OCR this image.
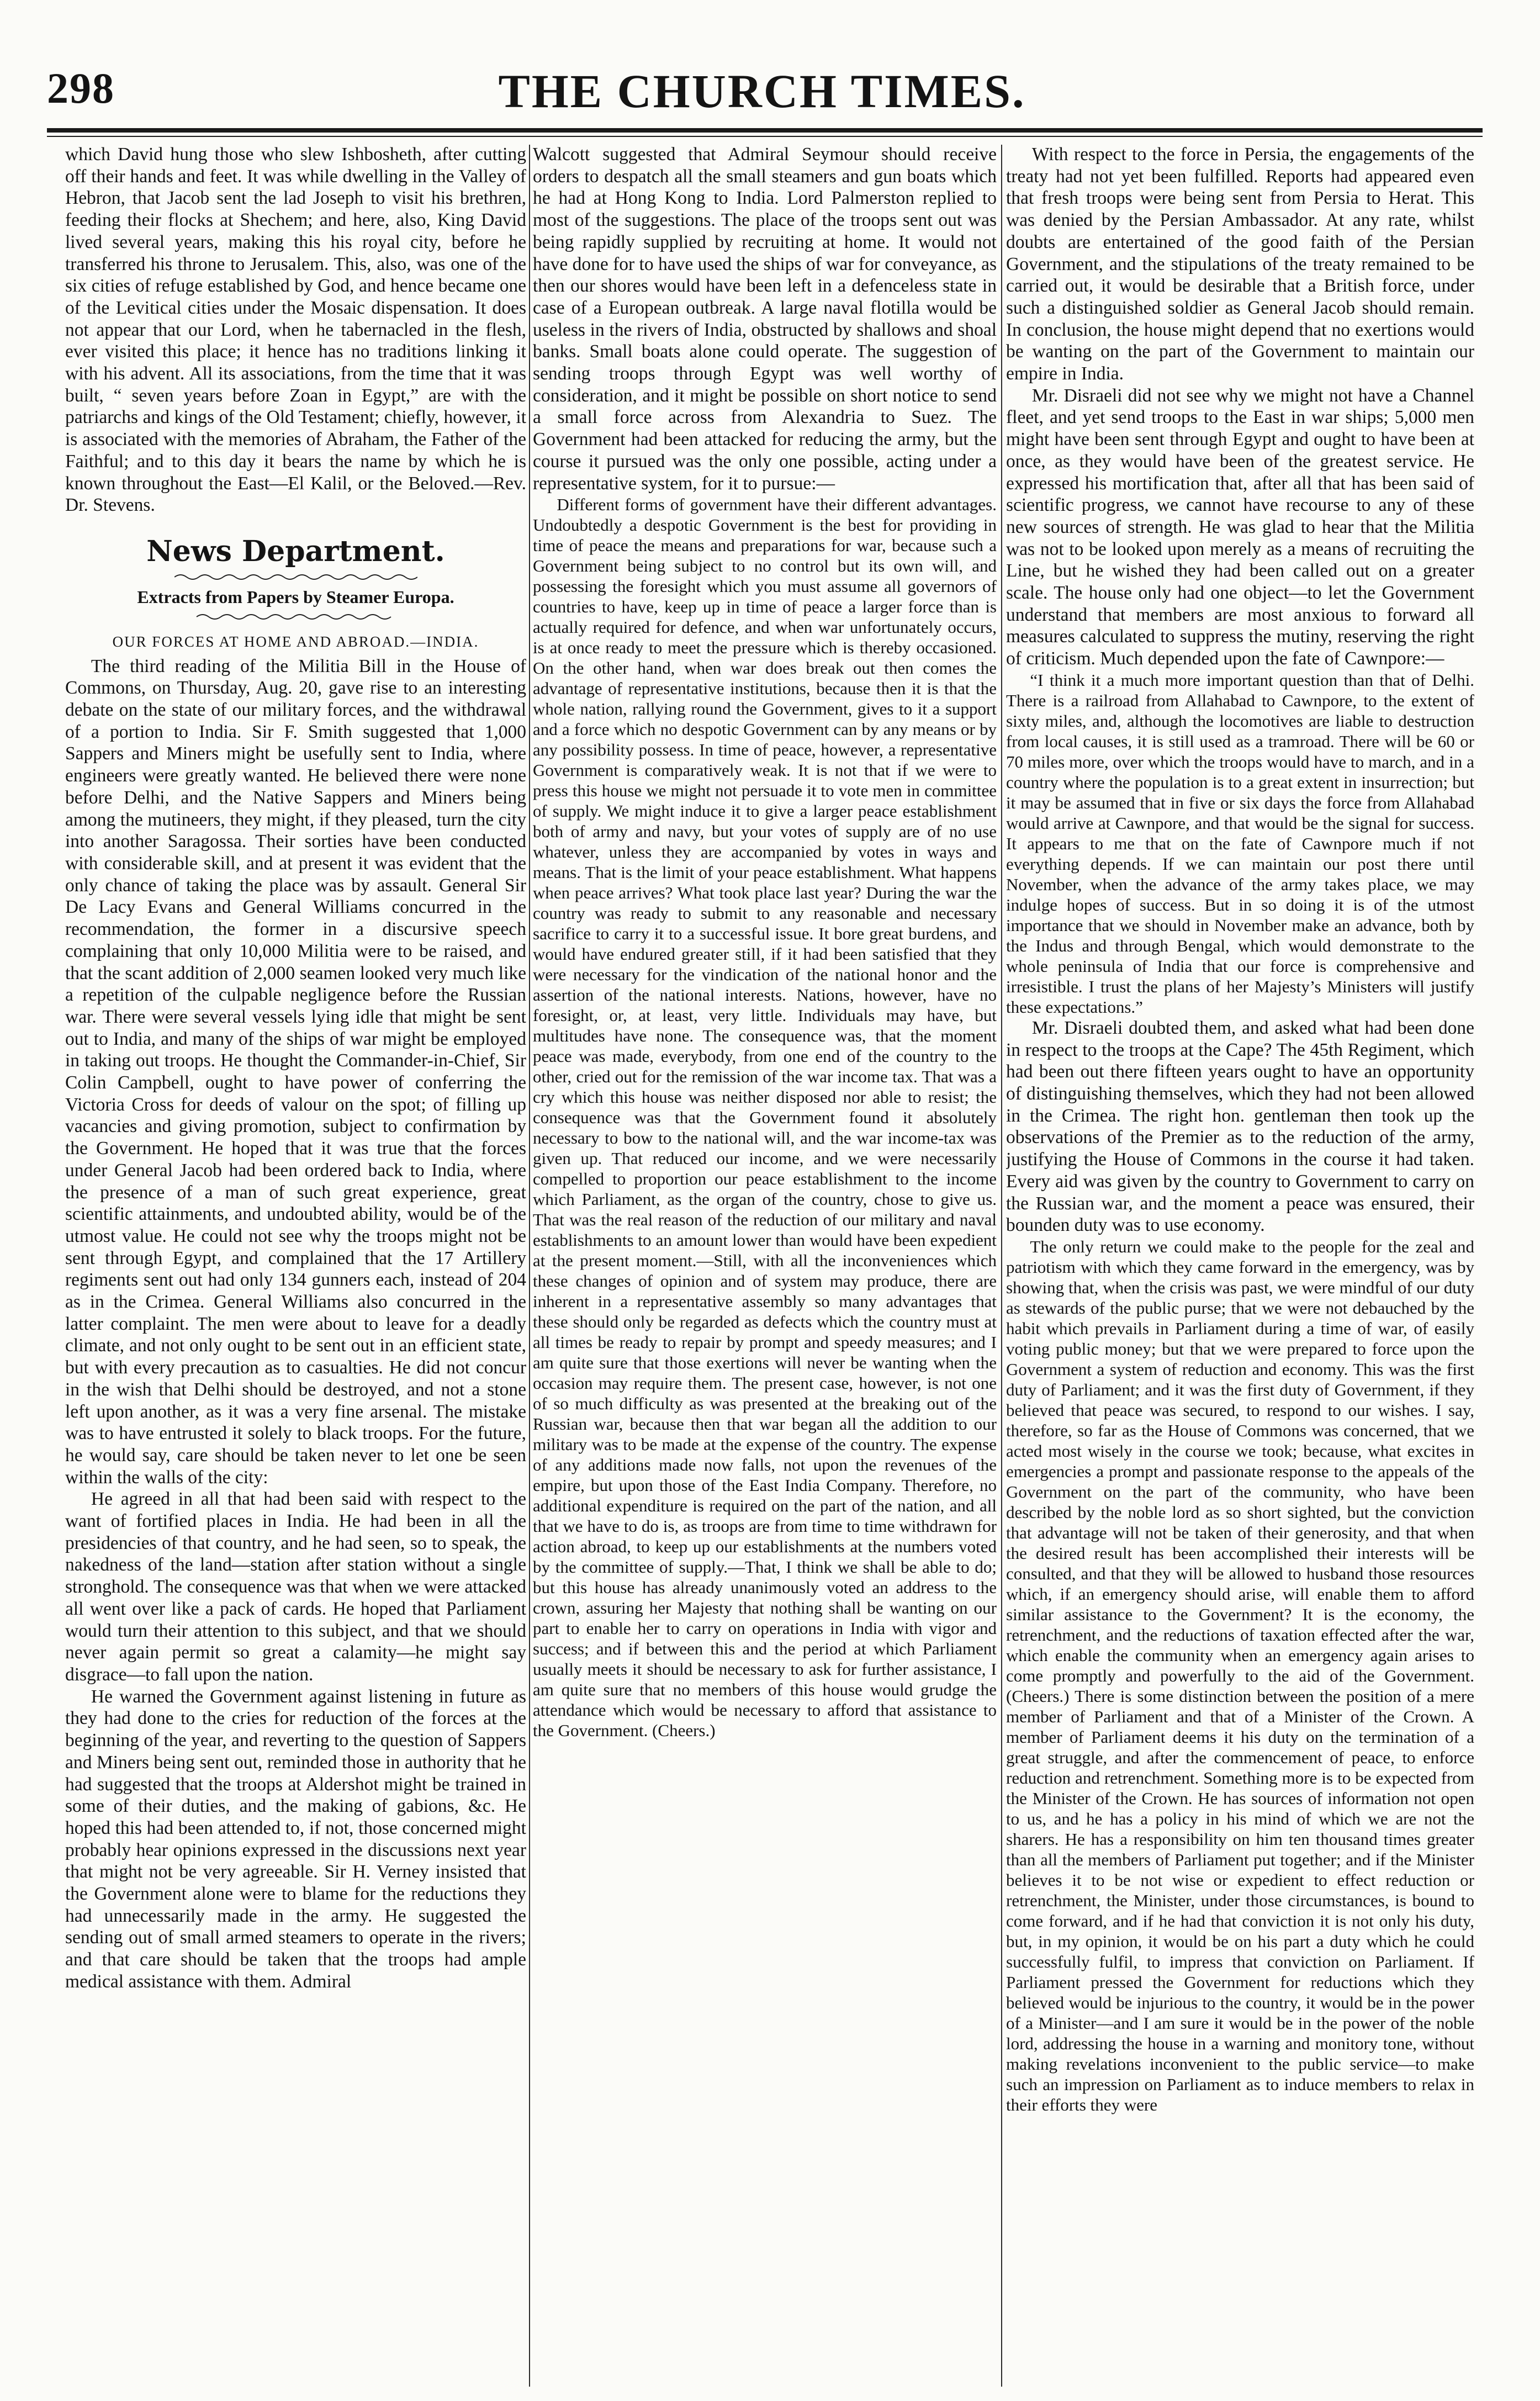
298	THE CHURCH TIMES.

which David hung those who slew Ishbosheth, after cutting off their hands and feet. It was while dwelling in the Valley of Hebron, that Jacob sent the lad Joseph to visit his brethren, feeding their flocks at Shechem; and here, also, King David lived several years, making this his royal city, before he transferred his throne to Jerusalem. This, also, was one of the six cities of refuge established by God, and hence became one of the Levitical cities under the Mosaic dispensation. It does not appear that our Lord, when he tabernacled in the flesh, ever visited this place; it hence has no traditions linking it with his advent. All its associations, from the time that it was built, “ seven years before Zoan in Egypt,” are with the patriarchs and kings of the Old Testament; chiefly, however, it is associated with the memories of Abraham, the Father of the Faithful; and to this day it bears the name by which he is known throughout the East—El Kalil, or the Beloved.—Rev. Dr. Stevens.

News Department.
Extracts from Papers by Steamer Europa.
OUR FORCES AT HOME AND ABROAD.—INDIA.

The third reading of the Militia Bill in the House of Commons, on Thursday, Aug. 20, gave rise to an interesting debate on the state of our military forces, and the withdrawal of a portion to India. Sir F. Smith suggested that 1,000 Sappers and Miners might be usefully sent to India, where engineers were greatly wanted. He believed there were none before Delhi, and the Native Sappers and Miners being among the mutineers, they might, if they pleased, turn the city into another Saragossa. Their sorties have been conducted with considerable skill, and at present it was evident that the only chance of taking the place was by assault. General Sir De Lacy Evans and General Williams concurred in the recommendation, the former in a discursive speech complaining that only 10,000 Militia were to be raised, and that the scant addition of 2,000 seamen looked very much like a repetition of the culpable negligence before the Russian war. There were several vessels lying idle that might be sent out to India, and many of the ships of war might be employed in taking out troops. He thought the Commander-in-Chief, Sir Colin Campbell, ought to have power of conferring the Victoria Cross for deeds of valour on the spot; of filling up vacancies and giving promotion, subject to confirmation by the Government. He hoped that it was true that the forces under General Jacob had been ordered back to India, where the presence of a man of such great experience, great scientific attainments, and undoubted ability, would be of the utmost value. He could not see why the troops might not be sent through Egypt, and complained that the 17 Artillery regiments sent out had only 134 gunners each, instead of 204 as in the Crimea. General Williams also concurred in the latter complaint. The men were about to leave for a deadly climate, and not only ought to be sent out in an efficient state, but with every precaution as to casualties. He did not concur in the wish that Delhi should be destroyed, and not a stone left upon another, as it was a very fine arsenal. The mistake was to have entrusted it solely to black troops. For the future, he would say, care should be taken never to let one be seen within the walls of the city:

He agreed in all that had been said with respect to the want of fortified places in India. He had been in all the presidencies of that country, and he had seen, so to speak, the nakedness of the land—station after station without a single stronghold. The consequence was that when we were attacked all went over like a pack of cards. He hoped that Parliament would turn their attention to this subject, and that we should never again permit so great a calamity—he might say disgrace—to fall upon the nation.

He warned the Government against listening in future as they had done to the cries for reduction of the forces at the beginning of the year, and reverting to the question of Sappers and Miners being sent out, reminded those in authority that he had suggested that the troops at Aldershot might be trained in some of their duties, and the making of gabions, &c. He hoped this had been attended to, if not, those concerned might probably hear opinions expressed in the discussions next year that might not be very agreeable. Sir H. Verney insisted that the Government alone were to blame for the reductions they had unnecessarily made in the army. He suggested the sending out of small armed steamers to operate in the rivers; and that care should be taken that the troops had ample medical assistance with them. Admiral

Walcott suggested that Admiral Seymour should receive orders to despatch all the small steamers and gun boats which he had at Hong Kong to India. Lord Palmerston replied to most of the suggestions. The place of the troops sent out was being rapidly supplied by recruiting at home. It would not have done for to have used the ships of war for conveyance, as then our shores would have been left in a defenceless state in case of a European outbreak. A large naval flotilla would be useless in the rivers of India, obstructed by shallows and shoal banks. Small boats alone could operate. The suggestion of sending troops through Egypt was well worthy of consideration, and it might be possible on short notice to send a small force across from Alexandria to Suez. The Government had been attacked for reducing the army, but the course it pursued was the only one possible, acting under a representative system, for it to pursue:—

Different forms of government have their different advantages. Undoubtedly a despotic Government is the best for providing in time of peace the means and preparations for war, because such a Government being subject to no control but its own will, and possessing the foresight which you must assume all governors of countries to have, keep up in time of peace a larger force than is actually required for defence, and when war unfortunately occurs, is at once ready to meet the pressure which is thereby occasioned. On the other hand, when war does break out then comes the advantage of representative institutions, because then it is that the whole nation, rallying round the Government, gives to it a support and a force which no despotic Government can by any means or by any possibility possess. In time of peace, however, a representative Government is comparatively weak. It is not that if we were to press this house we might not persuade it to vote men in committee of supply. We might induce it to give a larger peace establishment both of army and navy, but your votes of supply are of no use whatever, unless they are accompanied by votes in ways and means. That is the limit of your peace establishment. What happens when peace arrives? What took place last year? During the war the country was ready to submit to any reasonable and necessary sacrifice to carry it to a successful issue. It bore great burdens, and would have endured greater still, if it had been satisfied that they were necessary for the vindication of the national honor and the assertion of the national interests. Nations, however, have no foresight, or, at least, very little. Individuals may have, but multitudes have none. The consequence was, that the moment peace was made, everybody, from one end of the country to the other, cried out for the remission of the war income tax. That was a cry which this house was neither disposed nor able to resist; the consequence was that the Government found it absolutely necessary to bow to the national will, and the war income-tax was given up. That reduced our income, and we were necessarily compelled to proportion our peace establishment to the income which Parliament, as the organ of the country, chose to give us. That was the real reason of the reduction of our military and naval establishments to an amount lower than would have been expedient at the present moment.—Still, with all the inconveniences which these changes of opinion and of system may produce, there are inherent in a representative assembly so many advantages that these should only be regarded as defects which the country must at all times be ready to repair by prompt and speedy measures; and I am quite sure that those exertions will never be wanting when the occasion may require them. The present case, however, is not one of so much difficulty as was presented at the breaking out of the Russian war, because then that war began all the addition to our military was to be made at the expense of the country. The expense of any additions made now falls, not upon the revenues of the empire, but upon those of the East India Company. Therefore, no additional expenditure is required on the part of the nation, and all that we have to do is, as troops are from time to time withdrawn for action abroad, to keep up our establishments at the numbers voted by the committee of supply.—That, I think we shall be able to do; but this house has already unanimously voted an address to the crown, assuring her Majesty that nothing shall be wanting on our part to enable her to carry on operations in India with vigor and success; and if between this and the period at which Parliament usually meets it should be necessary to ask for further assistance, I am quite sure that no members of this house would grudge the attendance which would be necessary to afford that assistance to the Government. (Cheers.)

With respect to the force in Persia, the engagements of the treaty had not yet been fulfilled. Reports had appeared even that fresh troops were being sent from Persia to Herat. This was denied by the Persian Ambassador. At any rate, whilst doubts are entertained of the good faith of the Persian Government, and the stipulations of the treaty remained to be carried out, it would be desirable that a British force, under such a distinguished soldier as General Jacob should remain. In conclusion, the house might depend that no exertions would be wanting on the part of the Government to maintain our empire in India.

Mr. Disraeli did not see why we might not have a Channel fleet, and yet send troops to the East in war ships; 5,000 men might have been sent through Egypt and ought to have been at once, as they would have been of the greatest service. He expressed his mortification that, after all that has been said of scientific progress, we cannot have recourse to any of these new sources of strength. He was glad to hear that the Militia was not to be looked upon merely as a means of recruiting the Line, but he wished they had been called out on a greater scale. The house only had one object—to let the Government understand that members are most anxious to forward all measures calculated to suppress the mutiny, reserving the right of criticism. Much depended upon the fate of Cawnpore:—

“I think it a much more important question than that of Delhi. There is a railroad from Allahabad to Cawnpore, to the extent of sixty miles, and, although the locomotives are liable to destruction from local causes, it is still used as a tramroad. There will be 60 or 70 miles more, over which the troops would have to march, and in a country where the population is to a great extent in insurrection; but it may be assumed that in five or six days the force from Allahabad would arrive at Cawnpore, and that would be the signal for success. It appears to me that on the fate of Cawnpore much if not everything depends. If we can maintain our post there until November, when the advance of the army takes place, we may indulge hopes of success. But in so doing it is of the utmost importance that we should in November make an advance, both by the Indus and through Bengal, which would demonstrate to the whole peninsula of India that our force is comprehensive and irresistible. I trust the plans of her Majesty’s Ministers will justify these expectations.”

Mr. Disraeli doubted them, and asked what had been done in respect to the troops at the Cape? The 45th Regiment, which had been out there fifteen years ought to have an opportunity of distinguishing themselves, which they had not been allowed in the Crimea. The right hon. gentleman then took up the observations of the Premier as to the reduction of the army, justifying the House of Commons in the course it had taken. Every aid was given by the country to Government to carry on the Russian war, and the moment a peace was ensured, their bounden duty was to use economy.

The only return we could make to the people for the zeal and patriotism with which they came forward in the emergency, was by showing that, when the crisis was past, we were mindful of our duty as stewards of the public purse; that we were not debauched by the habit which prevails in Parliament during a time of war, of easily voting public money; but that we were prepared to force upon the Government a system of reduction and economy. This was the first duty of Parliament; and it was the first duty of Government, if they believed that peace was secured, to respond to our wishes. I say, therefore, so far as the House of Commons was concerned, that we acted most wisely in the course we took; because, what excites in emergencies a prompt and passionate response to the appeals of the Government on the part of the community, who have been described by the noble lord as so short sighted, but the conviction that advantage will not be taken of their generosity, and that when the desired result has been accomplished their interests will be consulted, and that they will be allowed to husband those resources which, if an emergency should arise, will enable them to afford similar assistance to the Government? It is the economy, the retrenchment, and the reductions of taxation effected after the war, which enable the community when an emergency again arises to come promptly and powerfully to the aid of the Government. (Cheers.) There is some distinction between the position of a mere member of Parliament and that of a Minister of the Crown. A member of Parliament deems it his duty on the termination of a great struggle, and after the commencement of peace, to enforce reduction and retrenchment. Something more is to be expected from the Minister of the Crown. He has sources of information not open to us, and he has a policy in his mind of which we are not the sharers. He has a responsibility on him ten thousand times greater than all the members of Parliament put together; and if the Minister believes it to be not wise or expedient to effect reduction or retrenchment, the Minister, under those circumstances, is bound to come forward, and if he had that conviction it is not only his duty, but, in my opinion, it would be on his part a duty which he could successfully fulfil, to impress that conviction on Parliament. If Parliament pressed the Government for reductions which they believed would be injurious to the country, it would be in the power of a Minister—and I am sure it would be in the power of the noble lord, addressing the house in a warning and monitory tone, without making revelations inconvenient to the public service—to make such an impression on Parliament as to induce members to relax in their efforts they were
